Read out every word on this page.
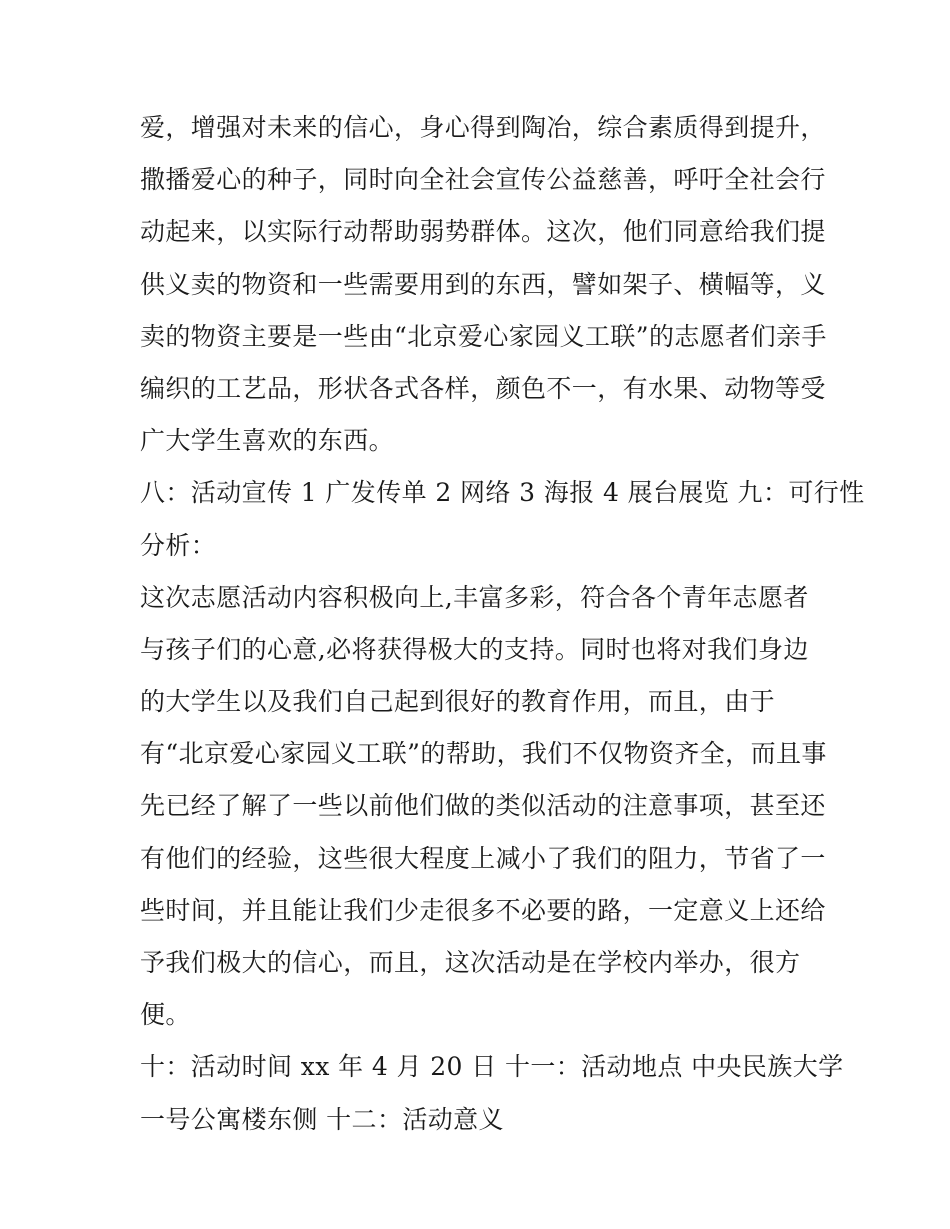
爱，增强对未来的信心，身心得到陶冶，综合素质得到提升，
撒播爱心的种子，同时向全社会宣传公益慈善，呼吁全社会行
动起来，以实际行动帮助弱势群体。这次，他们同意给我们提
供义卖的物资和一些需要用到的东西，譬如架子、横幅等，义
卖的物资主要是一些由“北京爱心家园义工联”的志愿者们亲手
编织的工艺品，形状各式各样，颜色不一，有水果、动物等受
广大学生喜欢的东西。
八：活动宣传 1 广发传单 2 网络 3 海报 4 展台展览 九：可行性
分析：
这次志愿活动内容积极向上,丰富多彩，符合各个青年志愿者
与孩子们的心意,必将获得极大的支持。同时也将对我们身边
的大学生以及我们自己起到很好的教育作用，而且，由于
有“北京爱心家园义工联”的帮助，我们不仅物资齐全，而且事
先已经了解了一些以前他们做的类似活动的注意事项，甚至还
有他们的经验，这些很大程度上减小了我们的阻力，节省了一
些时间，并且能让我们少走很多不必要的路，一定意义上还给
予我们极大的信心，而且，这次活动是在学校内举办，很方
便。
十：活动时间 xx 年 4 月 20 日 十一：活动地点 中央民族大学
一号公寓楼东侧 十二：活动意义
